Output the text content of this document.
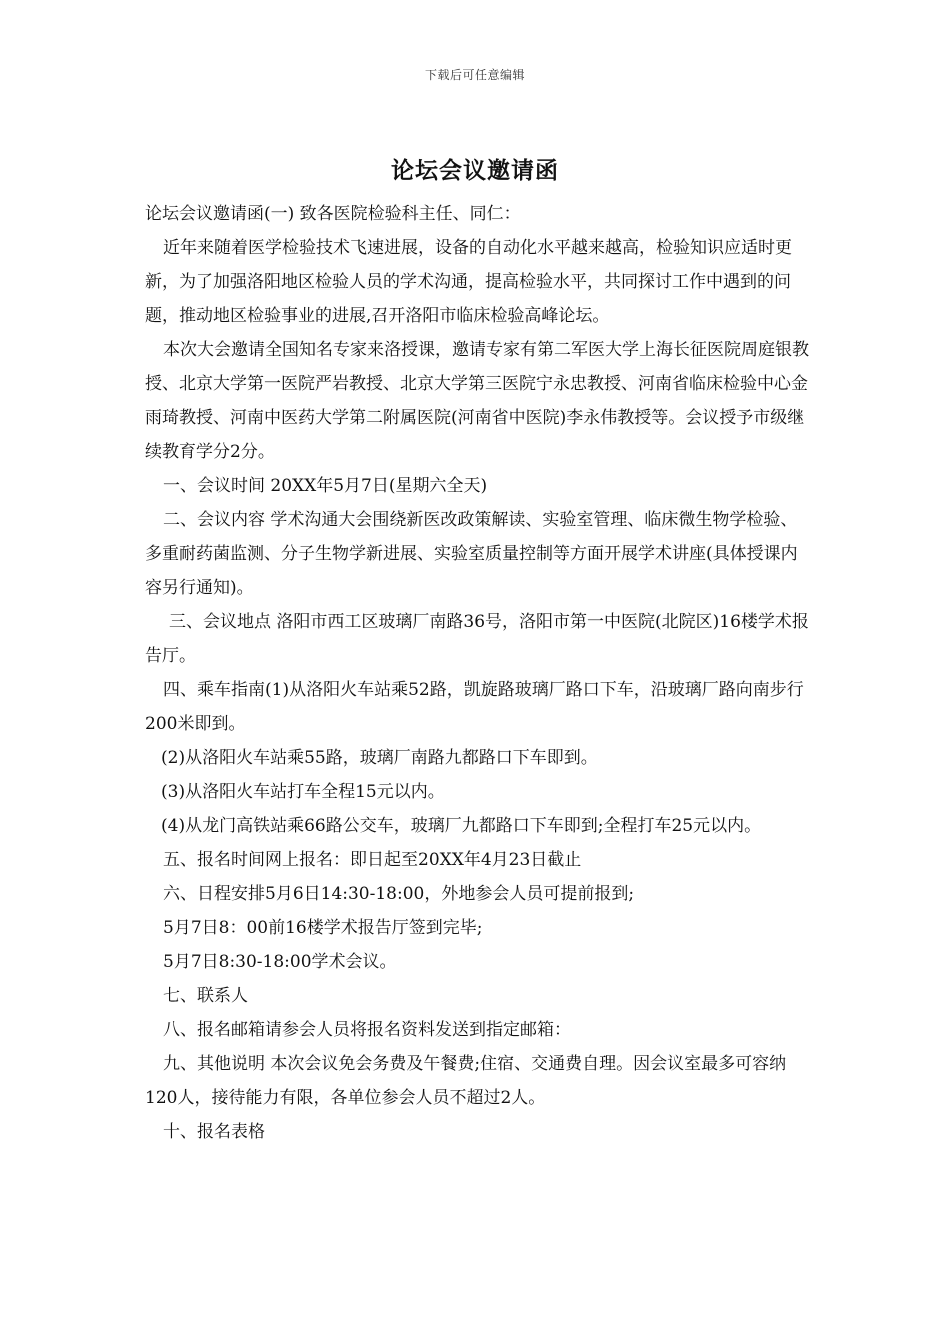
下载后可任意编辑
论坛会议邀请函

论坛会议邀请函(一) 致各医院检验科主任、同仁：

近年来随着医学检验技术飞速进展，设备的自动化水平越来越高，检验知识应适时更新，为了加强洛阳地区检验人员的学术沟通，提高检验水平，共同探讨工作中遇到的问题，推动地区检验事业的进展,召开洛阳市临床检验高峰论坛。

本次大会邀请全国知名专家来洛授课，邀请专家有第二军医大学上海长征医院周庭银教授、北京大学第一医院严岩教授、北京大学第三医院宁永忠教授、河南省临床检验中心金雨琦教授、河南中医药大学第二附属医院(河南省中医院)李永伟教授等。会议授予市级继续教育学分2分。

一、会议时间 20XX年5月7日(星期六全天)

二、会议内容 学术沟通大会围绕新医改政策解读、实验室管理、临床微生物学检验、多重耐药菌监测、分子生物学新进展、实验室质量控制等方面开展学术讲座(具体授课内容另行通知)。

三、会议地点 洛阳市西工区玻璃厂南路36号，洛阳市第一中医院(北院区)16楼学术报告厅。

四、乘车指南(1)从洛阳火车站乘52路，凯旋路玻璃厂路口下车，沿玻璃厂路向南步行200米即到。

(2)从洛阳火车站乘55路，玻璃厂南路九都路口下车即到。

(3)从洛阳火车站打车全程15元以内。

(4)从龙门高铁站乘66路公交车，玻璃厂九都路口下车即到;全程打车25元以内。

五、报名时间网上报名：即日起至20XX年4月23日截止

六、日程安排5月6日14:30-18:00，外地参会人员可提前报到;

5月7日8：00前16楼学术报告厅签到完毕;

5月7日8:30-18:00学术会议。

七、联系人

八、报名邮箱请参会人员将报名资料发送到指定邮箱：

九、其他说明 本次会议免会务费及午餐费;住宿、交通费自理。因会议室最多可容纳120人，接待能力有限，各单位参会人员不超过2人。

十、报名表格
